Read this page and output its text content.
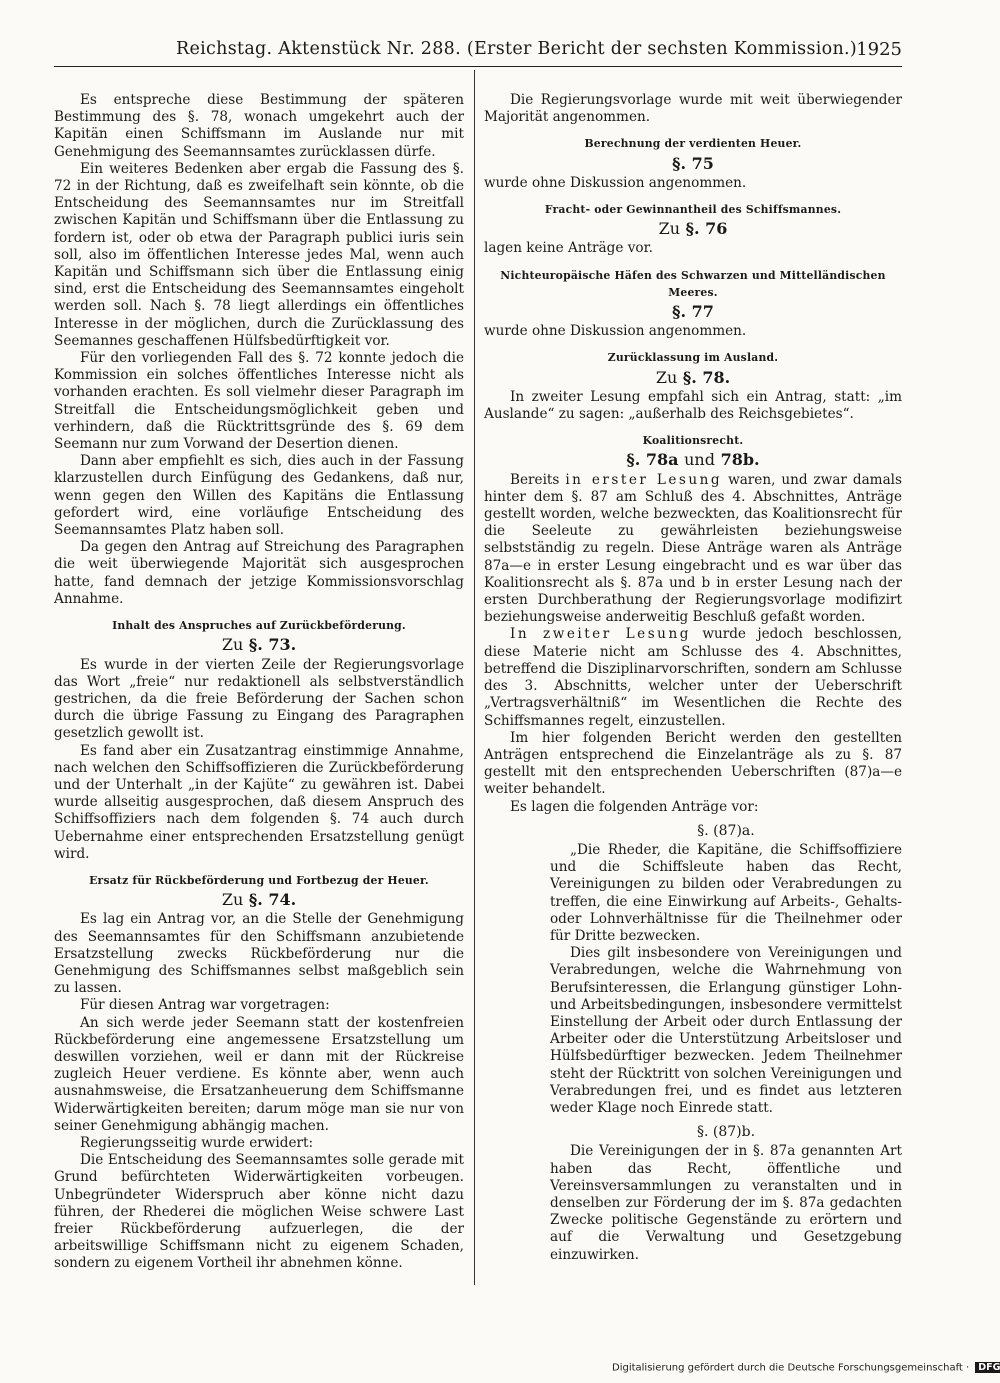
Reichstag. Aktenstück Nr. 288. (Erster Bericht der sechsten Kommission.) 1925

Es entspreche diese Bestimmung der späteren Bestimmung des §. 78, wonach umgekehrt auch der Kapitän einen Schiffsmann im Auslande nur mit Genehmigung des Seemannsamtes zurücklassen dürfe.

Ein weiteres Bedenken aber ergab die Fassung des §. 72 in der Richtung, daß es zweifelhaft sein könnte, ob die Entscheidung des Seemannsamtes nur im Streitfall zwischen Kapitän und Schiffsmann über die Entlassung zu fordern ist, oder ob etwa der Paragraph publici iuris sein soll, also im öffentlichen Interesse jedes Mal, wenn auch Kapitän und Schiffsmann sich über die Entlassung einig sind, erst die Entscheidung des Seemannsamtes eingeholt werden soll. Nach §. 78 liegt allerdings ein öffentliches Interesse in der möglichen, durch die Zurücklassung des Seemannes geschaffenen Hülfsbedürftigkeit vor.

Für den vorliegenden Fall des §. 72 konnte jedoch die Kommission ein solches öffentliches Interesse nicht als vorhanden erachten. Es soll vielmehr dieser Paragraph im Streitfall die Entscheidungsmöglichkeit geben und verhindern, daß die Rücktrittsgründe des §. 69 dem Seemann nur zum Vorwand der Desertion dienen.

Dann aber empfiehlt es sich, dies auch in der Fassung klarzustellen durch Einfügung des Gedankens, daß nur, wenn gegen den Willen des Kapitäns die Entlassung gefordert wird, eine vorläufige Entscheidung des Seemannsamtes Platz haben soll.

Da gegen den Antrag auf Streichung des Paragraphen die weit überwiegende Majorität sich ausgesprochen hatte, fand demnach der jetzige Kommissionsvorschlag Annahme.

Inhalt des Anspruches auf Zurückbeförderung.
Zu §. 73.

Es wurde in der vierten Zeile der Regierungsvorlage das Wort „freie“ nur redaktionell als selbstverständlich gestrichen, da die freie Beförderung der Sachen schon durch die übrige Fassung zu Eingang des Paragraphen gesetzlich gewollt ist.

Es fand aber ein Zusatzantrag einstimmige Annahme, nach welchen den Schiffsoffizieren die Zurückbeförderung und der Unterhalt „in der Kajüte“ zu gewähren ist. Dabei wurde allseitig ausgesprochen, daß diesem Anspruch des Schiffsoffiziers nach dem folgenden §. 74 auch durch Uebernahme einer entsprechenden Ersatzstellung genügt wird.

Ersatz für Rückbeförderung und Fortbezug der Heuer.
Zu §. 74.

Es lag ein Antrag vor, an die Stelle der Genehmigung des Seemannsamtes für den Schiffsmann anzubietende Ersatzstellung zwecks Rückbeförderung nur die Genehmigung des Schiffsmannes selbst maßgeblich sein zu lassen.

Für diesen Antrag war vorgetragen:

An sich werde jeder Seemann statt der kostenfreien Rückbeförderung eine angemessene Ersatzstellung um deswillen vorziehen, weil er dann mit der Rückreise zugleich Heuer verdiene. Es könnte aber, wenn auch ausnahmsweise, die Ersatzanheuerung dem Schiffsmanne Widerwärtigkeiten bereiten; darum möge man sie nur von seiner Genehmigung abhängig machen.

Regierungsseitig wurde erwidert:

Die Entscheidung des Seemannsamtes solle gerade mit Grund befürchteten Widerwärtigkeiten vorbeugen. Unbegründeter Widerspruch aber könne nicht dazu führen, der Rhederei die möglichen Weise schwere Last freier Rückbeförderung aufzuerlegen, die der arbeitswillige Schiffsmann nicht zu eigenem Schaden, sondern zu eigenem Vortheil ihr abnehmen könne.

Die Regierungsvorlage wurde mit weit überwiegender Majorität angenommen.

Berechnung der verdienten Heuer.
§. 75

wurde ohne Diskussion angenommen.

Fracht- oder Gewinnantheil des Schiffsmannes.
Zu §. 76

lagen keine Anträge vor.

Nichteuropäische Häfen des Schwarzen und Mittelländischen Meeres.
§. 77

wurde ohne Diskussion angenommen.

Zurücklassung im Ausland.
Zu §. 78.

In zweiter Lesung empfahl sich ein Antrag, statt: „im Auslande“ zu sagen: „außerhalb des Reichsgebietes“.

Koalitionsrecht.
§. 78a und 78b.

Bereits in erster Lesung waren, und zwar damals hinter dem §. 87 am Schluß des 4. Abschnittes, Anträge gestellt worden, welche bezweckten, das Koalitionsrecht für die Seeleute zu gewährleisten beziehungsweise selbstständig zu regeln. Diese Anträge waren als Anträge 87a—e in erster Lesung eingebracht und es war über das Koalitionsrecht als §. 87a und b in erster Lesung nach der ersten Durchberathung der Regierungsvorlage modifizirt beziehungsweise anderweitig Beschluß gefaßt worden.

In zweiter Lesung wurde jedoch beschlossen, diese Materie nicht am Schlusse des 4. Abschnittes, betreffend die Disziplinarvorschriften, sondern am Schlusse des 3. Abschnitts, welcher unter der Ueberschrift „Vertragsverhältniß“ im Wesentlichen die Rechte des Schiffsmannes regelt, einzustellen.

Im hier folgenden Bericht werden den gestellten Anträgen entsprechend die Einzelanträge als zu §. 87 gestellt mit den entsprechenden Ueberschriften (87)a—e weiter behandelt.

Es lagen die folgenden Anträge vor:

§. (87)a.

„Die Rheder, die Kapitäne, die Schiffsoffiziere und die Schiffsleute haben das Recht, Vereinigungen zu bilden oder Verabredungen zu treffen, die eine Einwirkung auf Arbeits-, Gehalts- oder Lohnverhältnisse für die Theilnehmer oder für Dritte bezwecken.

Dies gilt insbesondere von Vereinigungen und Verabredungen, welche die Wahrnehmung von Berufsinteressen, die Erlangung günstiger Lohn- und Arbeitsbedingungen, insbesondere vermittelst Einstellung der Arbeit oder durch Entlassung der Arbeiter oder die Unterstützung Arbeitsloser und Hülfsbedürftiger bezwecken. Jedem Theilnehmer steht der Rücktritt von solchen Vereinigungen und Verabredungen frei, und es findet aus letzteren weder Klage noch Einrede statt.

§. (87)b.

Die Vereinigungen der in §. 87a genannten Art haben das Recht, öffentliche und Vereinsversammlungen zu veranstalten und in denselben zur Förderung der im §. 87a gedachten Zwecke politische Gegenstände zu erörtern und auf die Verwaltung und Gesetzgebung einzuwirken.

Digitalisierung gefördert durch die Deutsche Forschungsgemeinschaft · DFG
